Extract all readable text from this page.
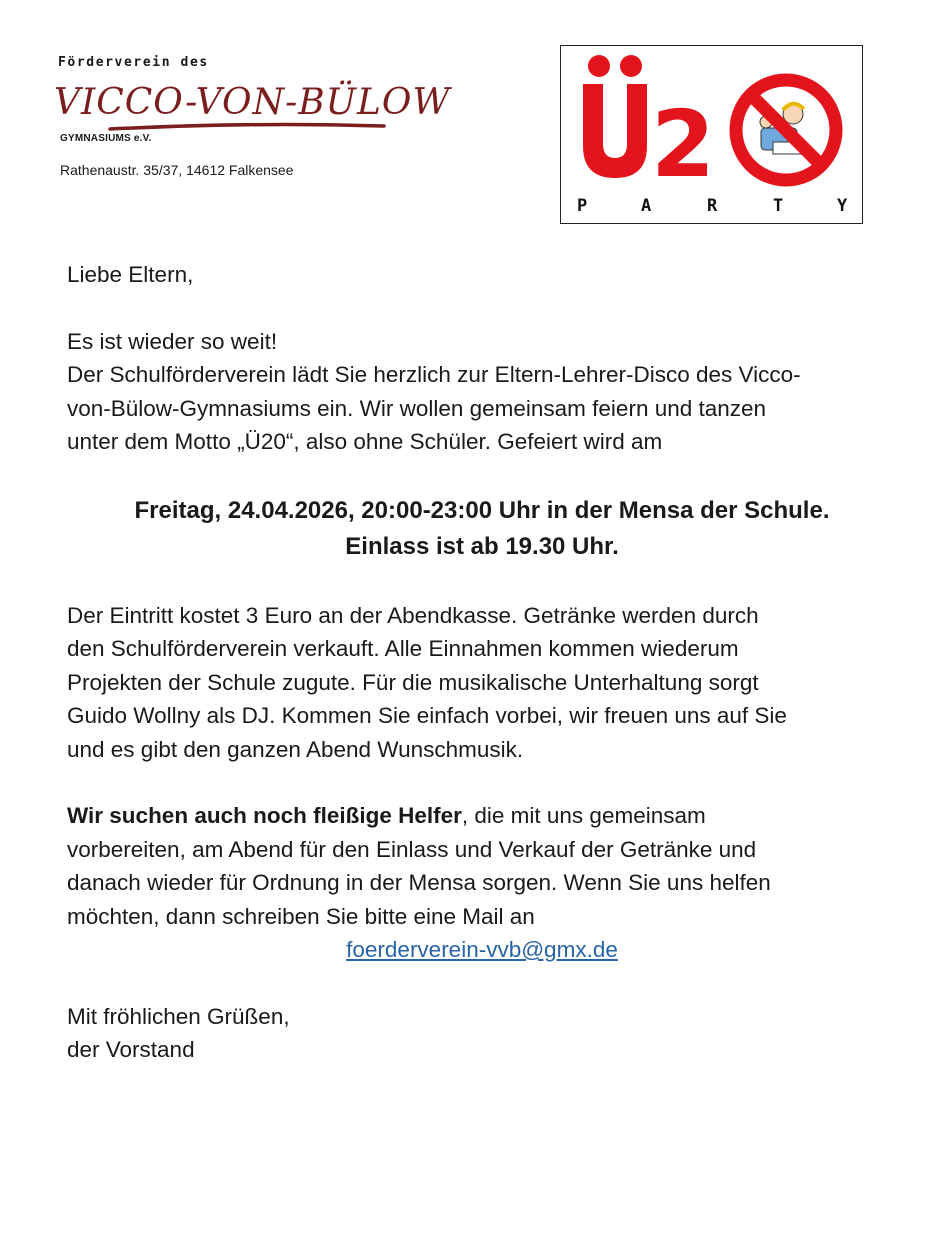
Förderverein des
VICCO-VON-BÜLOW
GYMNASIUMS e.V.
Rathenaustr. 35/37, 14612 Falkensee	2
P	A	R	T	Y

Liebe Eltern,

Es ist wieder so weit!

Der Schulförderverein lädt Sie herzlich zur Eltern-Lehrer-Disco des Vicco-

von-Bülow-Gymnasiums ein. Wir wollen gemeinsam feiern und tanzen

unter dem Motto „Ü20“, also ohne Schüler. Gefeiert wird am

Freitag, 24.04.2026, 20:00-23:00 Uhr in der Mensa der Schule.
Einlass ist ab 19.30 Uhr.

Der Eintritt kostet 3 Euro an der Abendkasse. Getränke werden durch

den Schulförderverein verkauft. Alle Einnahmen kommen wiederum

Projekten der Schule zugute. Für die musikalische Unterhaltung sorgt

Guido Wollny als DJ. Kommen Sie einfach vorbei, wir freuen uns auf Sie

und es gibt den ganzen Abend Wunschmusik.

Wir suchen auch noch fleißige Helfer, die mit uns gemeinsam

vorbereiten, am Abend für den Einlass und Verkauf der Getränke und

danach wieder für Ordnung in der Mensa sorgen. Wenn Sie uns helfen

möchten, dann schreiben Sie bitte eine Mail an

foerderverein-vvb@gmx.de

Mit fröhlichen Grüßen,

der Vorstand
